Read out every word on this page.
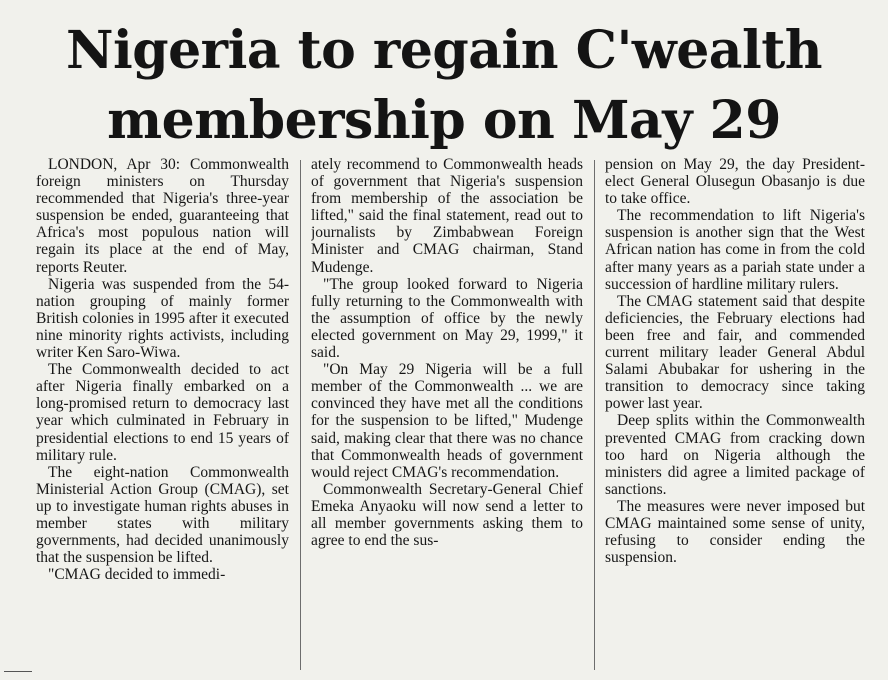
Nigeria to regain C'wealth
membership on May 29

LONDON, Apr 30: Commonwealth foreign ministers on Thursday recommended that Nigeria's three-year suspension be ended, guaranteeing that Africa's most populous nation will regain its place at the end of May, reports Reuter.

Nigeria was suspended from the 54-nation grouping of mainly former British colonies in 1995 after it executed nine minority rights activists, including writer Ken Saro-Wiwa.

The Commonwealth decided to act after Nigeria finally embarked on a long-promised return to democracy last year which culminated in February in presidential elections to end 15 years of military rule.

The eight-nation Commonwealth Ministerial Action Group (CMAG), set up to investigate human rights abuses in member states with military governments, had decided unanimously that the suspension be lifted.

"CMAG decided to immedi-

ately recommend to Commonwealth heads of government that Nigeria's suspension from membership of the association be lifted," said the final statement, read out to journalists by Zimbabwean Foreign Minister and CMAG chairman, Stand Mudenge.

"The group looked forward to Nigeria fully returning to the Commonwealth with the assumption of office by the newly elected government on May 29, 1999," it said.

"On May 29 Nigeria will be a full member of the Commonwealth ... we are convinced they have met all the conditions for the suspension to be lifted," Mudenge said, making clear that there was no chance that Commonwealth heads of government would reject CMAG's recommendation.

Commonwealth Secretary-General Chief Emeka Anyaoku will now send a letter to all member governments asking them to agree to end the sus-

pension on May 29, the day President-elect General Olusegun Obasanjo is due to take office.

The recommendation to lift Nigeria's suspension is another sign that the West African nation has come in from the cold after many years as a pariah state under a succession of hardline military rulers.

The CMAG statement said that despite deficiencies, the February elections had been free and fair, and commended current military leader General Abdul Salami Abubakar for ushering in the transition to democracy since taking power last year.

Deep splits within the Commonwealth prevented CMAG from cracking down too hard on Nigeria although the ministers did agree a limited package of sanctions.

The measures were never imposed but CMAG maintained some sense of unity, refusing to consider ending the suspension.
